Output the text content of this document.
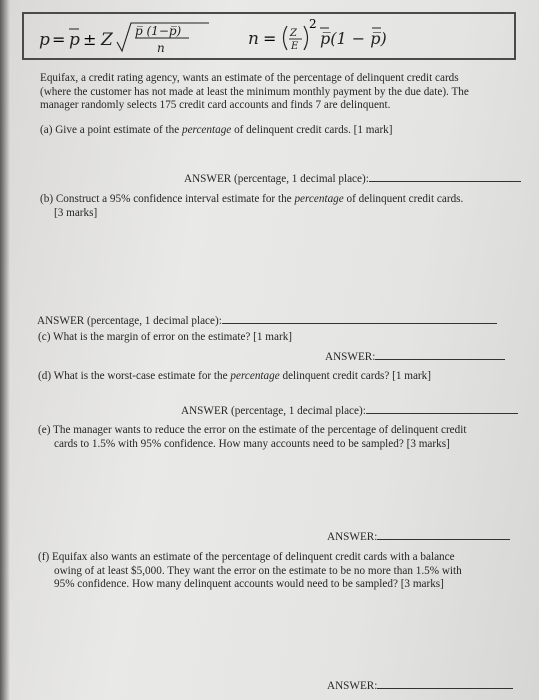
p = p ± Z p̅ (1−p̅)
n	n = Z
E
2
p̅(1 − p̅)
Equifax, a credit rating agency, wants an estimate of the percentage of delinquent credit cards
(where the customer has not made at least the minimum monthly payment by the due date). The
manager randomly selects 175 credit card accounts and finds 7 are delinquent.
(a) Give a point estimate of the percentage of delinquent credit cards. [1 mark]
ANSWER (percentage, 1 decimal place):
(b) Construct a 95% confidence interval estimate for the percentage of delinquent credit cards.
[3 marks]
ANSWER (percentage, 1 decimal place):
(c) What is the margin of error on the estimate? [1 mark]
ANSWER:
(d) What is the worst-case estimate for the percentage delinquent credit cards? [1 mark]
ANSWER (percentage, 1 decimal place):
(e) The manager wants to reduce the error on the estimate of the percentage of delinquent credit
cards to 1.5% with 95% confidence. How many accounts need to be sampled? [3 marks]
ANSWER:
(f) Equifax also wants an estimate of the percentage of delinquent credit cards with a balance
owing of at least $5,000. They want the error on the estimate to be no more than 1.5% with
95% confidence. How many delinquent accounts would need to be sampled? [3 marks]
ANSWER:
